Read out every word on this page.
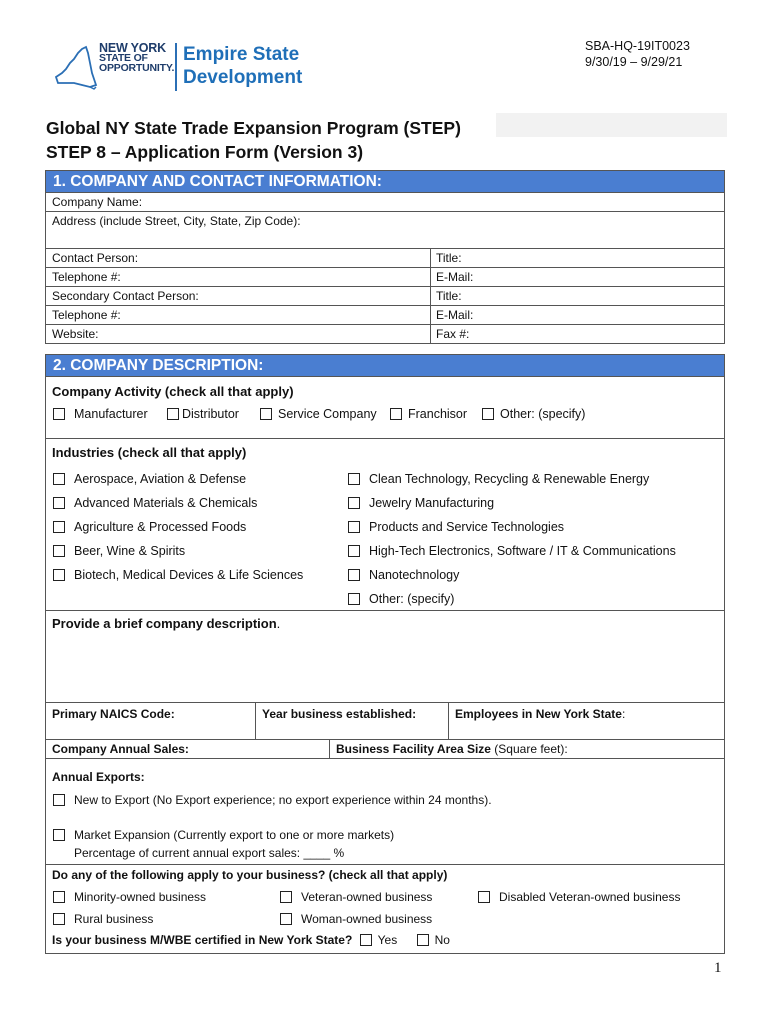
SBA-HQ-19IT0023
9/30/19 – 9/29/21
NEW YORK
STATE OF
OPPORTUNITY.
Empire State
Development
Global NY State Trade Expansion Program (STEP)
STEP 8 – Application Form (Version 3)
1. COMPANY AND CONTACT INFORMATION:
Company Name:
Address (include Street, City, State, Zip Code):
Contact Person:	Title:
Telephone #:	E-Mail:
Secondary Contact Person:	Title:
Telephone #:	E-Mail:
Website:	Fax #:
2. COMPANY DESCRIPTION:
Company Activity (check all that apply)
Manufacturer	Distributor	Service Company	Franchisor	Other: (specify)
Industries (check all that apply)
Aerospace, Aviation & Defense
Advanced Materials & Chemicals
Agriculture & Processed Foods
Beer, Wine & Spirits
Biotech, Medical Devices & Life Sciences
Clean Technology, Recycling & Renewable Energy
Jewelry Manufacturing
Products and Service Technologies
High-Tech Electronics, Software / IT & Communications
Nanotechnology
Other: (specify)
Provide a brief company description.
Primary NAICS Code:	Year business established:	Employees in New York State:
Company Annual Sales:	Business Facility Area Size (Square feet):
Annual Exports:
New to Export (No Export experience; no export experience within 24 months).
Market Expansion (Currently export to one or more markets)
Percentage of current annual export sales: ____ %
Do any of the following apply to your business? (check all that apply)
Minority-owned business	Veteran-owned business	Disabled Veteran-owned business
Rural business	Woman-owned business
Is your business M/WBE certified in New York State? Yes	No
1
